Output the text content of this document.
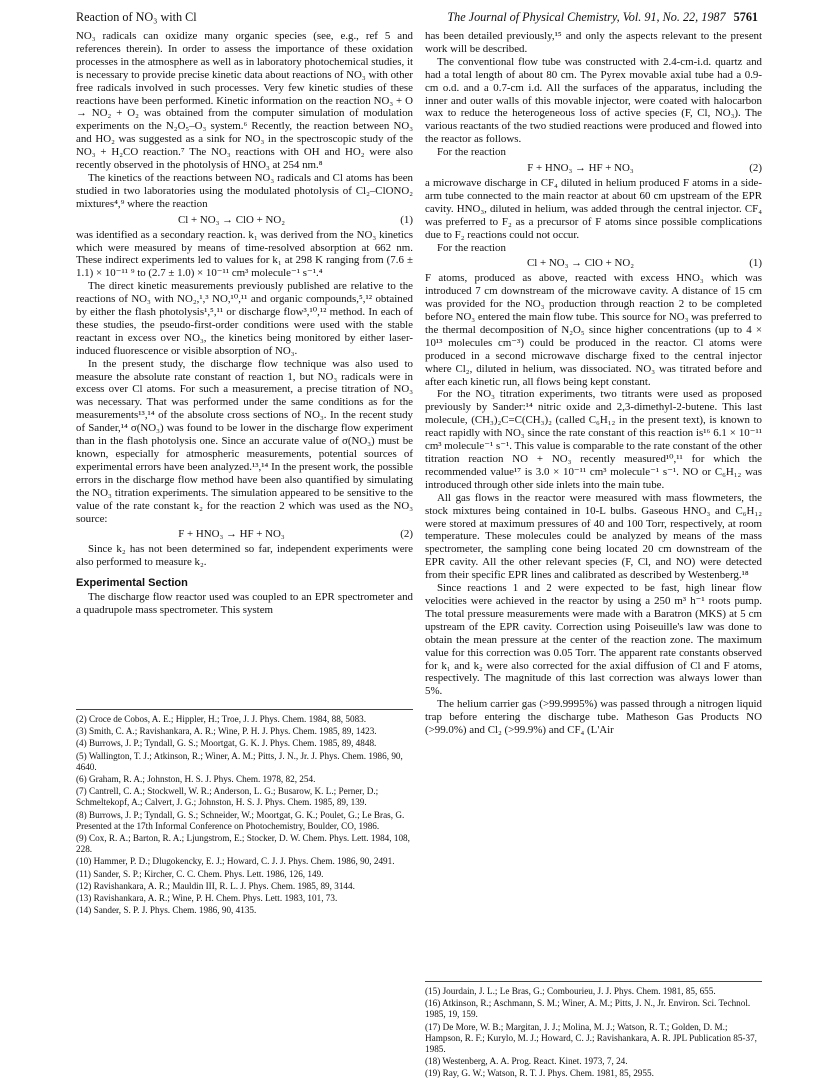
Reaction of NO₃ with Cl	The Journal of Physical Chemistry, Vol. 91, No. 22, 1987 5761

NO₃ radicals can oxidize many organic species (see, e.g., ref 5 and references therein). In order to assess the importance of these oxidation processes in the atmosphere as well as in laboratory photochemical studies, it is necessary to provide precise kinetic data about reactions of NO₃ with other free radicals involved in such processes. Very few kinetic studies of these reactions have been performed. Kinetic information on the reaction NO₃ + O → NO₂ + O₂ was obtained from the computer simulation of modulation experiments on the N₂O₅–O₃ system.⁶ Recently, the reaction between NO₃ and HO₂ was suggested as a sink for NO₃ in the spectroscopic study of the NO₃ + H₂CO reaction.⁷ The NO₃ reactions with OH and HO₂ were also recently observed in the photolysis of HNO₃ at 254 nm.⁸

The kinetics of the reactions between NO₃ radicals and Cl atoms has been studied in two laboratories using the modulated photolysis of Cl₂–ClONO₂ mixtures⁴,⁹ where the reaction

Cl + NO₃ → ClO + NO₂	(1)

was identified as a secondary reaction. k₁ was derived from the NO₃ kinetics which were measured by means of time-resolved absorption at 662 nm. These indirect experiments led to values for k₁ at 298 K ranging from (7.6 ± 1.1) × 10⁻¹¹ ⁹ to (2.7 ± 1.0) × 10⁻¹¹ cm³ molecule⁻¹ s⁻¹.⁴

The direct kinetic measurements previously published are relative to the reactions of NO₃ with NO₂,¹,³ NO,¹⁰,¹¹ and organic compounds,⁵,¹² obtained by either the flash photolysis¹,⁵,¹¹ or discharge flow³,¹⁰,¹² method. In each of these studies, the pseudo-first-order conditions were used with the stable reactant in excess over NO₃, the kinetics being monitored by either laser-induced fluorescence or visible absorption of NO₃.

In the present study, the discharge flow technique was also used to measure the absolute rate constant of reaction 1, but NO₃ radicals were in excess over Cl atoms. For such a measurement, a precise titration of NO₃ was necessary. That was performed under the same conditions as for the measurements¹³,¹⁴ of the absolute cross sections of NO₃. In the recent study of Sander,¹⁴ σ(NO₃) was found to be lower in the discharge flow experiment than in the flash photolysis one. Since an accurate value of σ(NO₃) must be known, especially for atmospheric measurements, potential sources of experimental errors have been analyzed.¹³,¹⁴ In the present work, the possible errors in the discharge flow method have been also quantified by simulating the NO₃ titration experiments. The simulation appeared to be sensitive to the value of the rate constant k₂ for the reaction 2 which was used as the NO₃ source:

F + HNO₃ → HF + NO₃	(2)

Since k₂ has not been determined so far, independent experiments were also performed to measure k₂.

Experimental Section

The discharge flow reactor used was coupled to an EPR spectrometer and a quadrupole mass spectrometer. This system

(2) Croce de Cobos, A. E.; Hippler, H.; Troe, J. J. Phys. Chem. 1984, 88, 5083.
(3) Smith, C. A.; Ravishankara, A. R.; Wine, P. H. J. Phys. Chem. 1985, 89, 1423.
(4) Burrows, J. P.; Tyndall, G. S.; Moortgat, G. K. J. Phys. Chem. 1985, 89, 4848.
(5) Wallington, T. J.; Atkinson, R.; Winer, A. M.; Pitts, J. N., Jr. J. Phys. Chem. 1986, 90, 4640.
(6) Graham, R. A.; Johnston, H. S. J. Phys. Chem. 1978, 82, 254.
(7) Cantrell, C. A.; Stockwell, W. R.; Anderson, L. G.; Busarow, K. L.; Perner, D.; Schmeltekopf, A.; Calvert, J. G.; Johnston, H. S. J. Phys. Chem. 1985, 89, 139.
(8) Burrows, J. P.; Tyndall, G. S.; Schneider, W.; Moortgat, G. K.; Poulet, G.; Le Bras, G. Presented at the 17th Informal Conference on Photochemistry, Boulder, CO, 1986.
(9) Cox, R. A.; Barton, R. A.; Ljungstrom, E.; Stocker, D. W. Chem. Phys. Lett. 1984, 108, 228.
(10) Hammer, P. D.; Dlugokencky, E. J.; Howard, C. J. J. Phys. Chem. 1986, 90, 2491.
(11) Sander, S. P.; Kircher, C. C. Chem. Phys. Lett. 1986, 126, 149.
(12) Ravishankara, A. R.; Mauldin III, R. L. J. Phys. Chem. 1985, 89, 3144.
(13) Ravishankara, A. R.; Wine, P. H. Chem. Phys. Lett. 1983, 101, 73.
(14) Sander, S. P. J. Phys. Chem. 1986, 90, 4135.

has been detailed previously,¹⁵ and only the aspects relevant to the present work will be described.

The conventional flow tube was constructed with 2.4-cm-i.d. quartz and had a total length of about 80 cm. The Pyrex movable axial tube had a 0.9-cm o.d. and a 0.7-cm i.d. All the surfaces of the apparatus, including the inner and outer walls of this movable injector, were coated with halocarbon wax to reduce the heterogeneous loss of active species (F, Cl, NO₃). The various reactants of the two studied reactions were produced and flowed into the reactor as follows.

For the reaction

F + HNO₃ → HF + NO₃	(2)

a microwave discharge in CF₄ diluted in helium produced F atoms in a side-arm tube connected to the main reactor at about 60 cm upstream of the EPR cavity. HNO₃, diluted in helium, was added through the central injector. CF₄ was preferred to F₂ as a precursor of F atoms since possible complications due to F₂ reactions could not occur.

For the reaction

Cl + NO₃ → ClO + NO₂	(1)

F atoms, produced as above, reacted with excess HNO₃ which was introduced 7 cm downstream of the microwave cavity. A distance of 15 cm was provided for the NO₃ production through reaction 2 to be completed before NO₃ entered the main flow tube. This source for NO₃ was preferred to the thermal decomposition of N₂O₅ since higher concentrations (up to 4 × 10¹³ molecules cm⁻³) could be produced in the reactor. Cl atoms were produced in a second microwave discharge fixed to the central injector where Cl₂, diluted in helium, was dissociated. NO₃ was titrated before and after each kinetic run, all flows being kept constant.

For the NO₃ titration experiments, two titrants were used as proposed previously by Sander:¹⁴ nitric oxide and 2,3-dimethyl-2-butene. This last molecule, (CH₃)₂C=C(CH₃)₂ (called C₆H₁₂ in the present text), is known to react rapidly with NO₃ since the rate constant of this reaction is¹⁶ 6.1 × 10⁻¹¹ cm³ molecule⁻¹ s⁻¹. This value is comparable to the rate constant of the other titration reaction NO + NO₃ recently measured¹⁰,¹¹ for which the recommended value¹⁷ is 3.0 × 10⁻¹¹ cm³ molecule⁻¹ s⁻¹. NO or C₆H₁₂ was introduced through other side inlets into the main tube.

All gas flows in the reactor were measured with mass flowmeters, the stock mixtures being contained in 10-L bulbs. Gaseous HNO₃ and C₆H₁₂ were stored at maximum pressures of 40 and 100 Torr, respectively, at room temperature. These molecules could be analyzed by means of the mass spectrometer, the sampling cone being located 20 cm downstream of the EPR cavity. All the other relevant species (F, Cl, and NO) were detected from their specific EPR lines and calibrated as described by Westenberg.¹⁸

Since reactions 1 and 2 were expected to be fast, high linear flow velocities were achieved in the reactor by using a 250 m³ h⁻¹ roots pump. The total pressure measurements were made with a Baratron (MKS) at 5 cm upstream of the EPR cavity. Correction using Poiseuille's law was done to obtain the mean pressure at the center of the reaction zone. The maximum value for this correction was 0.05 Torr. The apparent rate constants observed for k₁ and k₂ were also corrected for the axial diffusion of Cl and F atoms, respectively. The magnitude of this last correction was always lower than 5%.

The helium carrier gas (>99.9995%) was passed through a nitrogen liquid trap before entering the discharge tube. Matheson Gas Products NO (>99.0%) and Cl₂ (>99.9%) and CF₄ (L'Air

(15) Jourdain, J. L.; Le Bras, G.; Combourieu, J. J. Phys. Chem. 1981, 85, 655.
(16) Atkinson, R.; Aschmann, S. M.; Winer, A. M.; Pitts, J. N., Jr. Environ. Sci. Technol. 1985, 19, 159.
(17) De More, W. B.; Margitan, J. J.; Molina, M. J.; Watson, R. T.; Golden, D. M.; Hampson, R. F.; Kurylo, M. J.; Howard, C. J.; Ravishankara, A. R. JPL Publication 85-37, 1985.
(18) Westenberg, A. A. Prog. React. Kinet. 1973, 7, 24.
(19) Ray, G. W.; Watson, R. T. J. Phys. Chem. 1981, 85, 2955.
